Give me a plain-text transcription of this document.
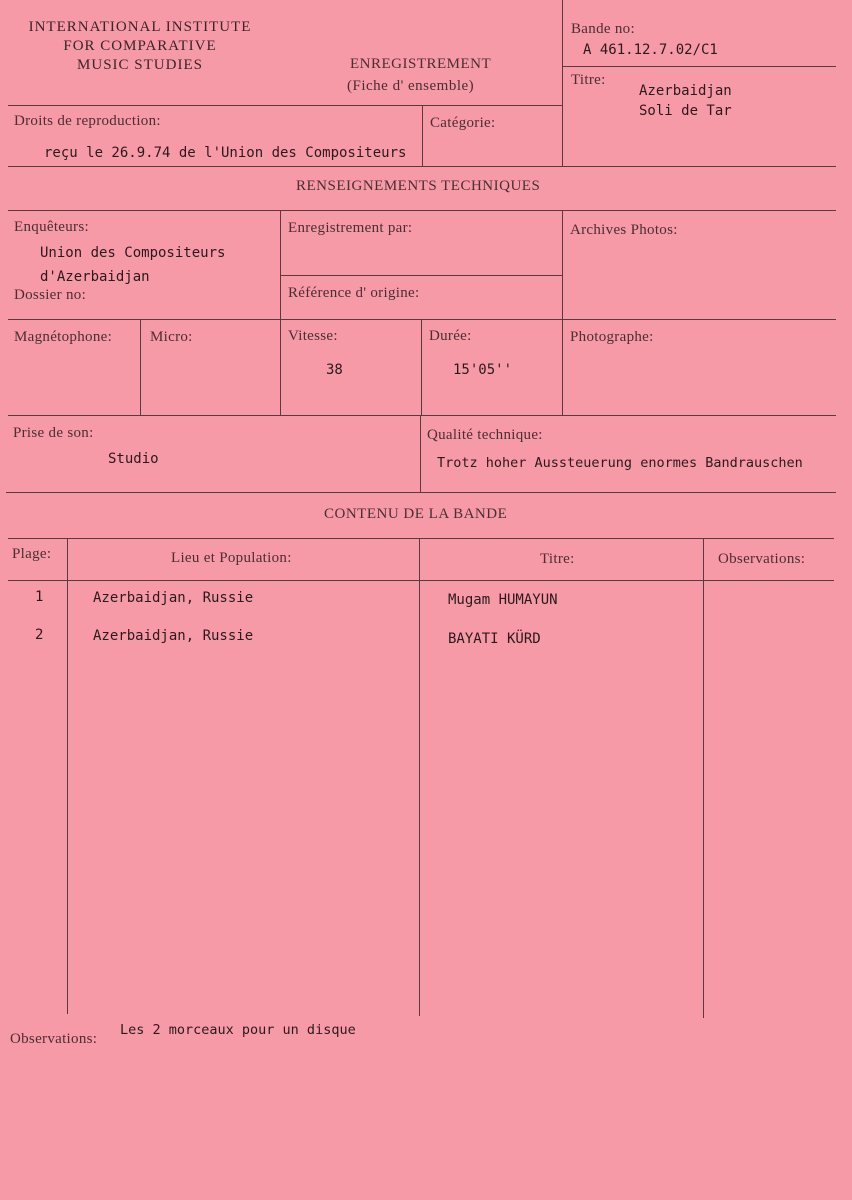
INTERNATIONAL INSTITUTE
FOR COMPARATIVE
MUSIC STUDIES	ENREGISTREMENT
(Fiche d' ensemble)
Bande no:
A 461.12.7.02/C1
Titre:
Azerbaidjan
Soli de Tar
Droits de reproduction:
reçu le 26.9.74 de l'Union des Compositeurs
Catégorie:
RENSEIGNEMENTS TECHNIQUES
Enquêteurs:
Union des Compositeurs
d'Azerbaidjan
Dossier no:
Enregistrement par:
Référence d' origine:
Archives Photos:
Magnétophone:	Micro:	Vitesse:
38
Durée:
15'05''
Photographe:
Prise de son:
Studio
Qualité technique:
Trotz hoher Aussteuerung enormes Bandrauschen
CONTENU DE LA BANDE
Plage:	Lieu et Population:	Titre:	Observations:
1	Azerbaidjan, Russie	Mugam HUMAYUN
2	Azerbaidjan, Russie	BAYATI KÜRD
Observations:
Les 2 morceaux pour un disque
